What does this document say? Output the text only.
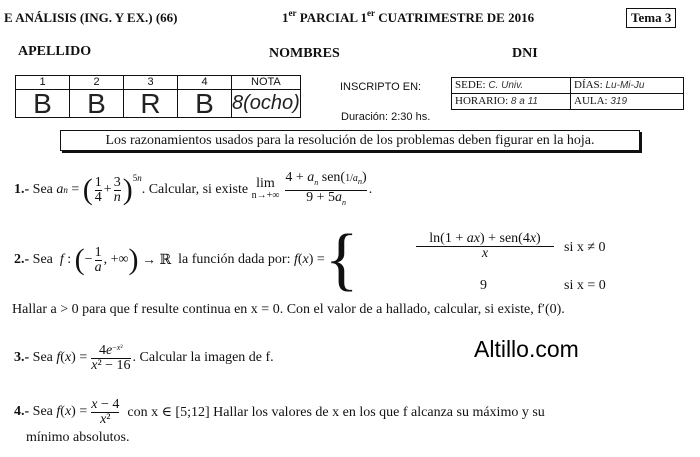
E ANÁLISIS (ING. Y EX.) (66)	1er PARCIAL 1er CUATRIMESTRE DE 2016	Tema 3
APELLIDO	NOMBRES	DNI
1	2	3	4	NOTA
B	B	R	B	8(ocho)
INSCRIPTO EN:
Duración: 2:30 hs.
SEDE: C. Univ.	DÍAS: Lu-Mi-Ju
HORARIO: 8 a 11	AULA: 319
Los razonamientos usados para la resolución de los problemas deben figurar en la hoja.
1.-
Sea
a n = ( $\frac{1}{4} + \frac{3}{n} )^{5n}$
. Calcular, si existe
lim
$n\to+\infty \frac{4 + a_n sen(1/a_n)}{9 + 5a_n}$ .
2.-
Sea
f : ( − $\frac{1}{a}$ , +∞ ) → ℝ la función dada por:
f ( x ) = {	$\frac{\text{ln(1 + ax) + sen(4x)}}{x}$ si x ≠ 0
9	si x = 0
Hallar a > 0 para que f resulte continua en x = 0. Con el valor de a hallado, calcular, si existe, f′(0).
Altillo.com
3.-
Sea
f ( x ) = $\frac{4e^{-x^2}}{\text{x² − 16}}$ . Calcular la imagen de f.
4.-
Sea
f ( x ) = $\frac{x - 4}{\text{x²}}$ con x ∈ [5;12] Hallar los valores de x en los que f alcanza su máximo y su
mínimo absolutos.
